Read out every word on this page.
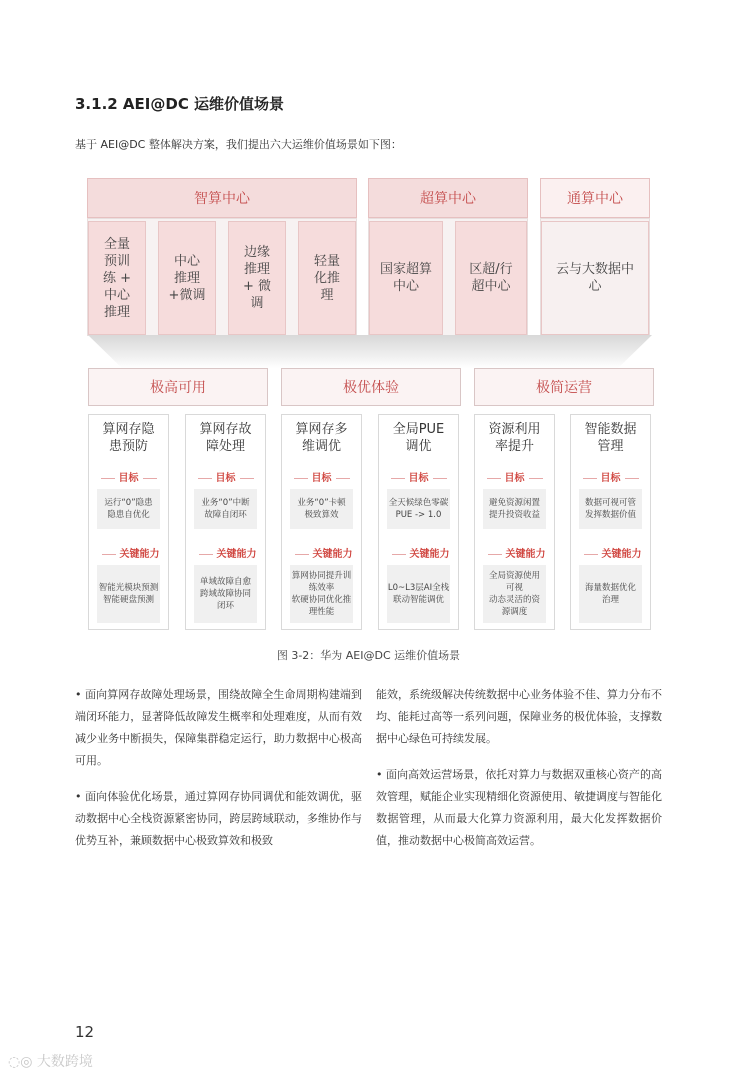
3.1.2 AEI@DC 运维价值场景
基于 AEI@DC 整体解决方案，我们提出六大运维价值场景如下图：
智算中心
全量
预训
练 +
中心
推理
中心
推理
+微调
边缘
推理
+ 微
调
轻量
化推
理
超算中心
国家超算
中心
区超/行
超中心
通算中心
云与大数据中
心
极高可用	极优体验	极简运营
算网存隐
患预防
目标
运行“0”隐患
隐患自优化
关键能力
智能光模块预测
智能硬盘预测
算网存故
障处理
目标
业务“0”中断
故障自闭环
关键能力
单域故障自愈
跨域故障协同
闭环
算网存多
维调优
目标
业务“0”卡顿
极致算效
关键能力
算网协同提升训
练效率
软硬协同优化推
理性能
全局PUE
调优
目标
全天候绿色零碳
PUE -> 1.0
关键能力
L0~L3层AI全栈
联动智能调优
资源利用
率提升
目标
避免资源闲置
提升投资收益
关键能力
全局资源使用
可视
动态灵活的资
源调度
智能数据
管理
目标
数据可视可管
发挥数据价值
关键能力
海量数据优化
治理
图 3-2：华为 AEI@DC 运维价值场景

• 面向算网存故障处理场景，围绕故障全生命周期构建端到端闭环能力，显著降低故障发生概率和处理难度，从而有效减少业务中断损失，保障集群稳定运行，助力数据中心极高可用。

• 面向体验优化场景，通过算网存协同调优和能效调优，驱动数据中心全栈资源紧密协同，跨层跨域联动，多维协作与优势互补，兼顾数据中心极致算效和极致

能效，系统级解决传统数据中心业务体验不佳、算力分布不均、能耗过高等一系列问题，保障业务的极优体验，支撑数据中心绿色可持续发展。

• 面向高效运营场景，依托对算力与数据双重核心资产的高效管理，赋能企业实现精细化资源使用、敏捷调度与智能化数据管理，从而最大化算力资源利用，最大化发挥数据价值，推动数据中心极简高效运营。

12
◌◎ 大数跨境
